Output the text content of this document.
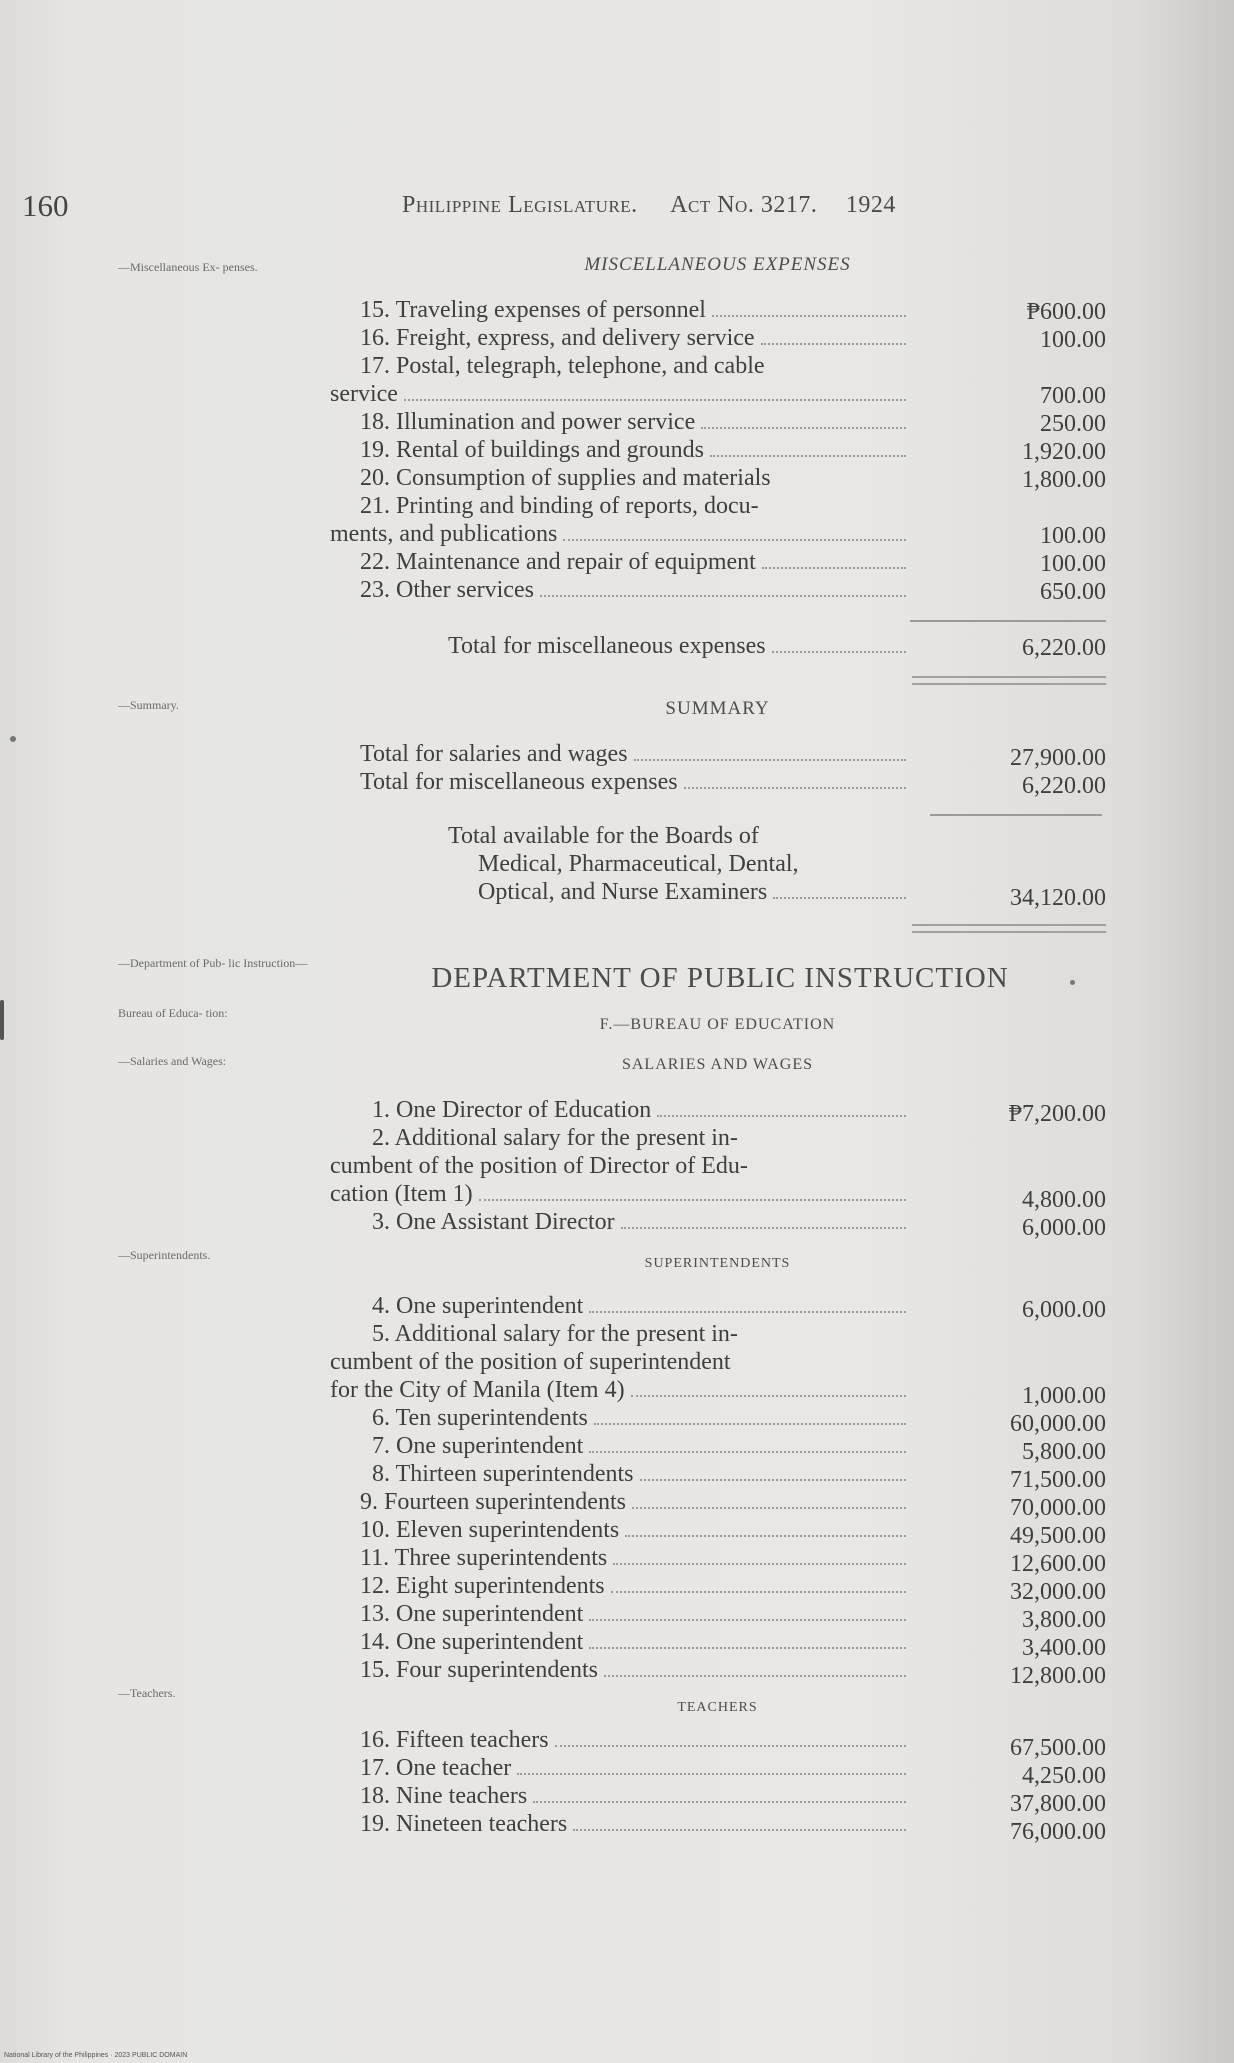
160	Philippine Legislature. Act No. 3217. 1924
—Miscellaneous Ex- penses.
—Summary.
—Department of Pub- lic Instruction—
Bureau of Educa- tion:
—Salaries and Wages:
—Superintendents.
—Teachers.
MISCELLANEOUS EXPENSES
15. Traveling expenses of personnel	₱600.00
16. Freight, express, and delivery service	100.00
17. Postal, telegraph, telephone, and cable
service	700.00
18. Illumination and power service	250.00
19. Rental of buildings and grounds	1,920.00
20. Consumption of supplies and materials	1,800.00
21. Printing and binding of reports, docu-
ments, and publications	100.00
22. Maintenance and repair of equipment	100.00
23. Other services	650.00
Total for miscellaneous expenses	6,220.00
SUMMARY
Total for salaries and wages	27,900.00
Total for miscellaneous expenses	6,220.00
Total available for the Boards of
Medical, Pharmaceutical, Dental,
Optical, and Nurse Examiners	34,120.00
DEPARTMENT OF PUBLIC INSTRUCTION
F.—BUREAU OF EDUCATION
SALARIES AND WAGES
1. One Director of Education	₱7,200.00
2. Additional salary for the present in-
cumbent of the position of Director of Edu-
cation (Item 1)	4,800.00
3. One Assistant Director	6,000.00
SUPERINTENDENTS
4. One superintendent	6,000.00
5. Additional salary for the present in-
cumbent of the position of superintendent
for the City of Manila (Item 4)	1,000.00
6. Ten superintendents	60,000.00
7. One superintendent	5,800.00
8. Thirteen superintendents	71,500.00
9. Fourteen superintendents	70,000.00
10. Eleven superintendents	49,500.00
11. Three superintendents	12,600.00
12. Eight superintendents	32,000.00
13. One superintendent	3,800.00
14. One superintendent	3,400.00
15. Four superintendents	12,800.00
TEACHERS
16. Fifteen teachers	67,500.00
17. One teacher	4,250.00
18. Nine teachers	37,800.00
19. Nineteen teachers	76,000.00
National Library of the Philippines · 2023 PUBLIC DOMAIN
